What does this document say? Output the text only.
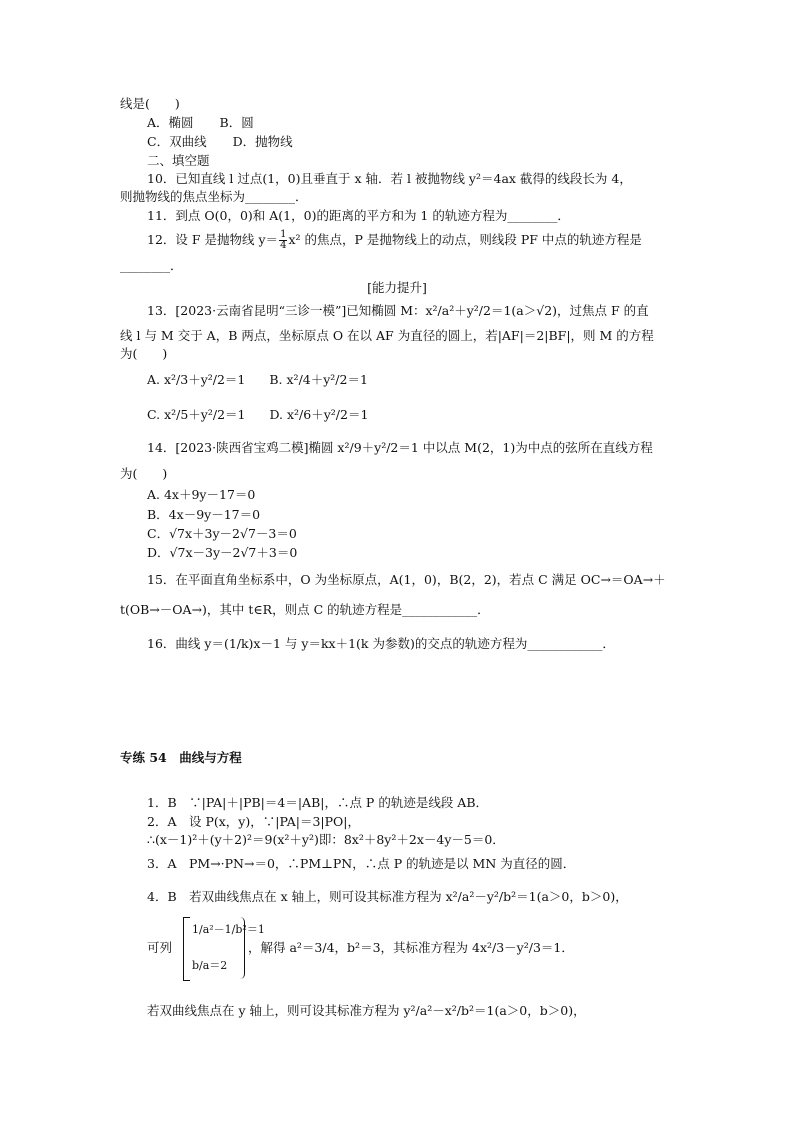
线是(　　)
A．椭圆 B．圆
C．双曲线 D．抛物线
二、填空题
10．已知直线 l 过点(1，0)且垂直于 x 轴．若 l 被抛物线 y²＝4ax 截得的线段长为 4，
则抛物线的焦点坐标为________．
11．到点 O(0，0)和 A(1，0)的距离的平方和为 1 的轨迹方程为________．
12．设 F 是抛物线 $y= \frac{1}{4} x^2$ 的焦点，P 是抛物线上的动点，则线段 PF 中点的轨迹方程是
________．
[能力提升]
13．[2023·云南省昆明“三诊一模”]已知椭圆 M：x²/a²＋y²/2＝1(a＞√2)，过焦点 F 的直
线 l 与 M 交于 A，B 两点，坐标原点 O 在以 AF 为直径的圆上，若|AF|＝2|BF|，则 M 的方程
为(　　)
A. x²/3＋y²/2＝1 B. x²/4＋y²/2＝1
C. x²/5＋y²/2＝1 D. x²/6＋y²/2＝1
14．[2023·陕西省宝鸡二模]椭圆 x²/9＋y²/2＝1 中以点 M(2，1)为中点的弦所在直线方程
为(　　)
A. 4x＋9y－17＝0
B．4x－9y－17＝0
C．√7x＋3y－2√7－3＝0
D．√7x－3y－2√7＋3＝0
15．在平面直角坐标系中，O 为坐标原点，A(1，0)，B(2，2)，若点 C 满足 OC→＝OA→＋
t(OB→－OA→)，其中 t∈R，则点 C 的轨迹方程是____________．
16．曲线 y＝(1/k)x－1 与 y＝kx＋1(k 为参数)的交点的轨迹方程为____________．
专练 54　曲线与方程
1．B　∵|PA|＋|PB|＝4＝|AB|，∴点 P 的轨迹是线段 AB．
2．A　设 P(x，y)，∵|PA|＝3|PO|，
∴(x－1)²＋(y＋2)²＝9(x²＋y²)即：8x²＋8y²＋2x－4y－5＝0．
3．A　PM→·PN→＝0，∴PM⊥PN，∴点 P 的轨迹是以 MN 为直径的圆．
4．B　若双曲线焦点在 x 轴上，则可设其标准方程为 x²/a²－y²/b²＝1(a＞0，b＞0)，
可列
1/a²－1/b²＝1
b/a＝2
，解得 a²＝3/4，b²＝3，其标准方程为 4x²/3－y²/3＝1．
若双曲线焦点在 y 轴上，则可设其标准方程为 y²/a²－x²/b²＝1(a＞0，b＞0)，
